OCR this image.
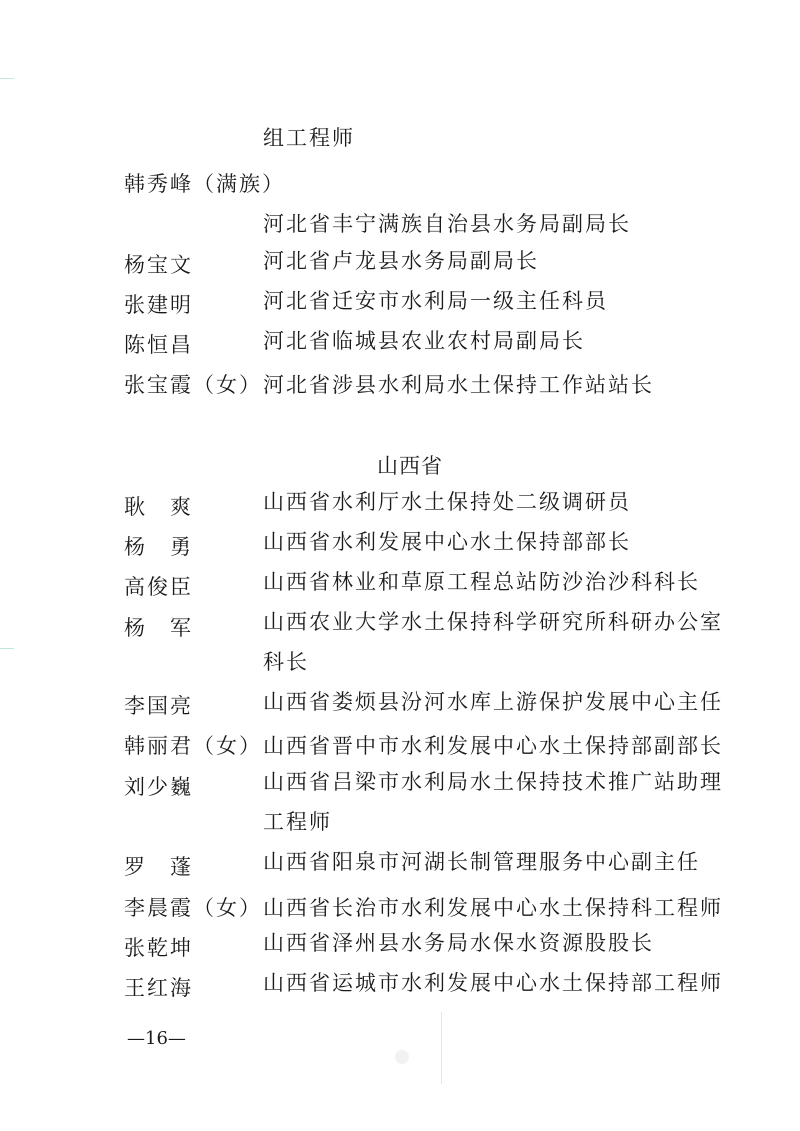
组工程师
韩秀峰（满族）
河北省丰宁满族自治县水务局副局长
杨宝文	河北省卢龙县水务局副局长
张建明	河北省迁安市水利局一级主任科员
陈恒昌	河北省临城县农业农村局副局长
张宝霞（女） 河北省涉县水利局水土保持工作站站长
山西省
耿　爽	山西省水利厅水土保持处二级调研员
杨　勇	山西省水利发展中心水土保持部部长
高俊臣	山西省林业和草原工程总站防沙治沙科科长
杨　军	山西农业大学水土保持科学研究所科研办公室
科长
李国亮	山西省娄烦县汾河水库上游保护发展中心主任
韩丽君（女） 山西省晋中市水利发展中心水土保持部副部长
刘少巍	山西省吕梁市水利局水土保持技术推广站助理
工程师
罗　蓬	山西省阳泉市河湖长制管理服务中心副主任
李晨霞（女） 山西省长治市水利发展中心水土保持科工程师
张乾坤	山西省泽州县水务局水保水资源股股长
王红海	山西省运城市水利发展中心水土保持部工程师
—16—
